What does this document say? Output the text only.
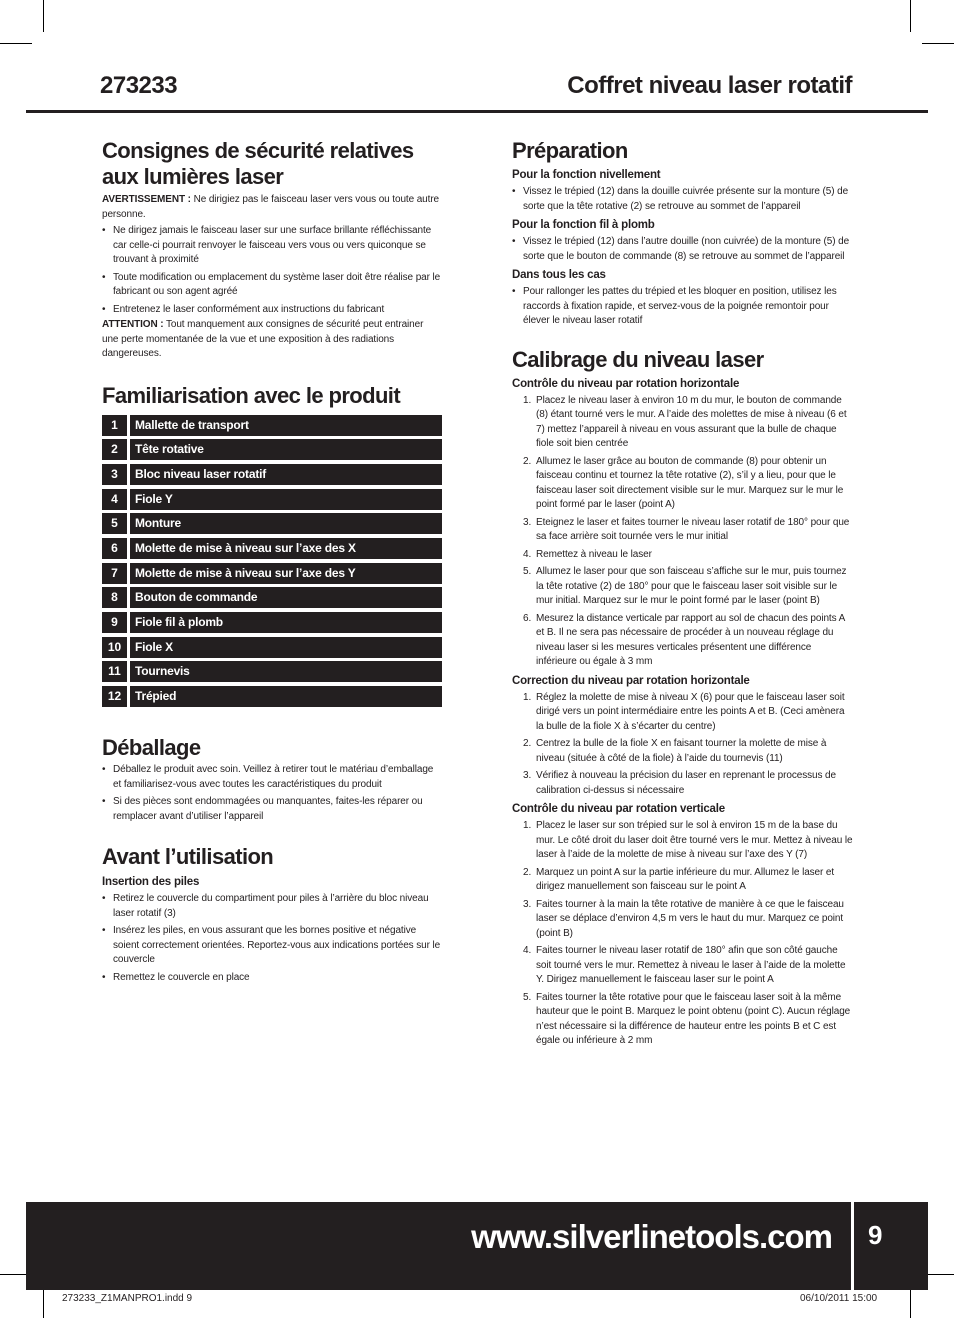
273233	Coffret niveau laser rotatif
Consignes de sécurité relatives
aux lumières laser

AVERTISSEMENT : Ne dirigiez pas le faisceau laser vers vous ou toute autre personne.

• Ne dirigez jamais le faisceau laser sur une surface brillante réfléchissante car celle-ci pourrait renvoyer le faisceau vers vous ou vers quiconque se trouvant à proximité
• Toute modification ou emplacement du système laser doit être réalise par le fabricant ou son agent agréé
• Entretenez le laser conformément aux instructions du fabricant

ATTENTION : Tout manquement aux consignes de sécurité peut entrainer une perte momentanée de la vue et une exposition à des radiations dangereuses.

Familiarisation avec le produit
1	Mallette de transport
2	Tête rotative
3	Bloc niveau laser rotatif
4	Fiole Y
5	Monture
6	Molette de mise à niveau sur l’axe des X
7	Molette de mise à niveau sur l’axe des Y
8	Bouton de commande
9	Fiole fil à plomb
10	Fiole X
11	Tournevis
12	Trépied
Déballage
• Déballez le produit avec soin. Veillez à retirer tout le matériau d’emballage et familiarisez-vous avec toutes les caractéristiques du produit
• Si des pièces sont endommagées ou manquantes, faites-les réparer ou remplacer avant d’utiliser l’appareil
Avant l’utilisation

Insertion des piles

• Retirez le couvercle du compartiment pour piles à l’arrière du bloc niveau laser rotatif (3)
• Insérez les piles, en vous assurant que les bornes positive et négative soient correctement orientées. Reportez-vous aux indications portées sur le couvercle
• Remettez le couvercle en place
Préparation

Pour la fonction nivellement

• Vissez le trépied (12) dans la douille cuivrée présente sur la monture (5) de sorte que la tête rotative (2) se retrouve au sommet de l’appareil

Pour la fonction fil à plomb

• Vissez le trépied (12) dans l’autre douille (non cuivrée) de la monture (5) de sorte que le bouton de commande (8) se retrouve au sommet de l’appareil

Dans tous les cas

• Pour rallonger les pattes du trépied et les bloquer en position, utilisez les raccords à fixation rapide, et servez-vous de la poignée remontoir pour élever le niveau laser rotatif
Calibrage du niveau laser

Contrôle du niveau par rotation horizontale

1. Placez le niveau laser à environ 10 m du mur, le bouton de commande (8) étant tourné vers le mur. A l’aide des molettes de mise à niveau (6 et 7) mettez l’appareil à niveau en vous assurant que la bulle de chaque fiole soit bien centrée
2. Allumez le laser grâce au bouton de commande (8) pour obtenir un faisceau continu et tournez la tête rotative (2), s’il y a lieu, pour que le faisceau laser soit directement visible sur le mur. Marquez sur le mur le point formé par le laser (point A)
3. Eteignez le laser et faites tourner le niveau laser rotatif de 180° pour que sa face arrière soit tournée vers le mur initial
4. Remettez à niveau le laser
5. Allumez le laser pour que son faisceau s’affiche sur le mur, puis tournez la tête rotative (2) de 180° pour que le faisceau laser soit visible sur le mur initial. Marquez sur le mur le point formé par le laser (point B)
6. Mesurez la distance verticale par rapport au sol de chacun des points A et B. Il ne sera pas nécessaire de procéder à un nouveau réglage du niveau laser si les mesures verticales présentent une différence inférieure ou égale à 3 mm

Correction du niveau par rotation horizontale

1. Réglez la molette de mise à niveau X (6) pour que le faisceau laser soit dirigé vers un point intermédiaire entre les points A et B. (Ceci amènera la bulle de la fiole X à s’écarter du centre)
2. Centrez la bulle de la fiole X en faisant tourner la molette de mise à niveau (située à côté de la fiole) à l’aide du tournevis (11)
3. Vérifiez à nouveau la précision du laser en reprenant le processus de calibration ci-dessus si nécessaire

Contrôle du niveau par rotation verticale

1. Placez le laser sur son trépied sur le sol à environ 15 m de la base du mur. Le côté droit du laser doit être tourné vers le mur. Mettez à niveau le laser à l’aide de la molette de mise à niveau sur l’axe des Y (7)
2. Marquez un point A sur la partie inférieure du mur. Allumez le laser et dirigez manuellement son faisceau sur le point A
3. Faites tourner à la main la tête rotative de manière à ce que le faisceau laser se déplace d’environ 4,5 m vers le haut du mur. Marquez ce point (point B)
4. Faites tourner le niveau laser rotatif de 180° afin que son côté gauche soit tourné vers le mur. Remettez à niveau le laser à l’aide de la molette Y. Dirigez manuellement le faisceau laser sur le point A
5. Faites tourner la tête rotative pour que le faisceau laser soit à la même hauteur que le point B. Marquez le point obtenu (point C). Aucun réglage n’est nécessaire si la différence de hauteur entre les points B et C est égale ou inférieure à 2 mm
www.silverlinetools.com 9
273233_Z1MANPRO1.indd 9	06/10/2011 15:00
